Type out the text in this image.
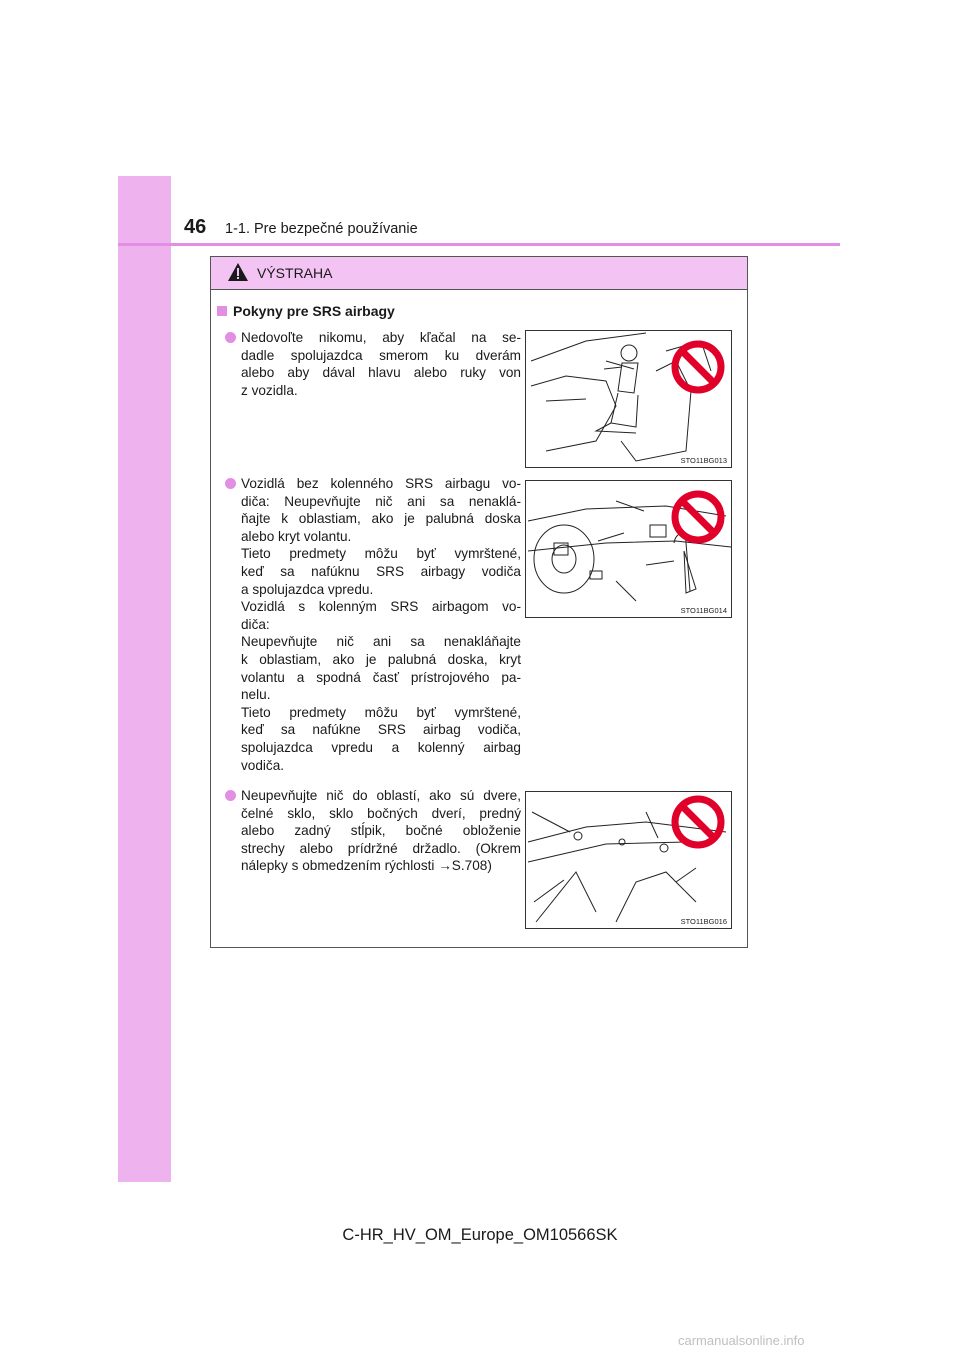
46 1-1. Pre bezpečné používanie
VÝSTRAHA
Pokyny pre SRS airbagy
Nedovoľte nikomu, aby kľačal na se-
dadle spolujazdca smerom ku dverám
alebo aby dával hlavu alebo ruky von
z vozidla.
Vozidlá bez kolenného SRS airbagu vo-
diča: Neupevňujte nič ani sa nenaklá-
ňajte k oblastiam, ako je palubná doska
alebo kryt volantu.
Tieto predmety môžu byť vymrštené,
keď sa nafúknu SRS airbagy vodiča
a spolujazdca vpredu.
Vozidlá s kolenným SRS airbagom vo-
diča:
Neupevňujte nič ani sa nenakláňajte
k oblastiam, ako je palubná doska, kryt
volantu a spodná časť prístrojového pa-
nelu.
Tieto predmety môžu byť vymrštené,
keď sa nafúkne SRS airbag vodiča,
spolujazdca vpredu a kolenný airbag
vodiča.
Neupevňujte nič do oblastí, ako sú dvere,
čelné sklo, sklo bočných dverí, predný
alebo zadný stĺpik, bočné obloženie
strechy alebo prídržné držadlo. (Okrem
nálepky s obmedzením rýchlosti →S.708)
STO11BG013
STO11BG014
STO11BG016
C-HR_HV_OM_Europe_OM10566SK
carmanualsonline.info
